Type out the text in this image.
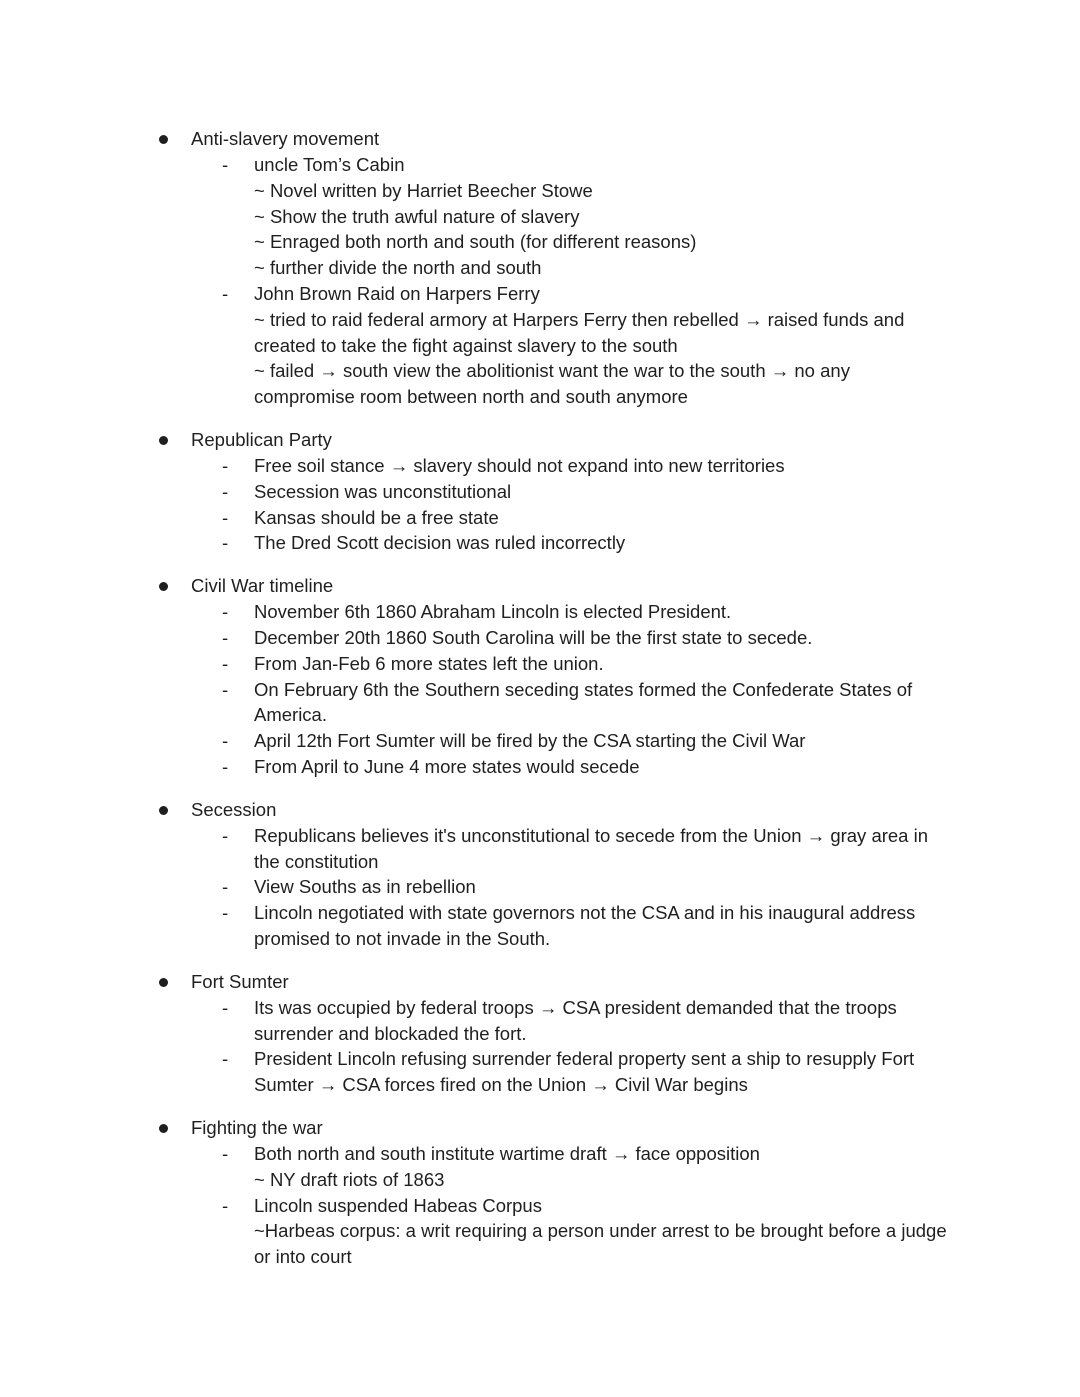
Anti-slavery movement
- uncle Tom’s Cabin
~ Novel written by Harriet Beecher Stowe
~ Show the truth awful nature of slavery
~ Enraged both north and south (for different reasons)
~ further divide the north and south
- John Brown Raid on Harpers Ferry
~ tried to raid federal armory at Harpers Ferry then rebelled → raised funds and created to take the fight against slavery to the south
~ failed → south view the abolitionist want the war to the south → no any compromise room between north and south anymore
Republican Party
- Free soil stance → slavery should not expand into new territories
- Secession was unconstitutional
- Kansas should be a free state
- The Dred Scott decision was ruled incorrectly
Civil War timeline
- November 6th 1860 Abraham Lincoln is elected President.
- December 20th 1860 South Carolina will be the first state to secede.
- From Jan-Feb 6 more states left the union.
- On February 6th the Southern seceding states formed the Confederate States of America.
- April 12th Fort Sumter will be fired by the CSA starting the Civil War
- From April to June 4 more states would secede
Secession
- Republicans believes it's unconstitutional to secede from the Union → gray area in the constitution
- View Souths as in rebellion
- Lincoln negotiated with state governors not the CSA and in his inaugural address promised to not invade in the South.
Fort Sumter
- Its was occupied by federal troops → CSA president demanded that the troops surrender and blockaded the fort.
- President Lincoln refusing surrender federal property sent a ship to resupply Fort Sumter → CSA forces fired on the Union → Civil War begins
Fighting the war
- Both north and south institute wartime draft → face opposition
~ NY draft riots of 1863
- Lincoln suspended Habeas Corpus
~Harbeas corpus: a writ requiring a person under arrest to be brought before a judge or into court
